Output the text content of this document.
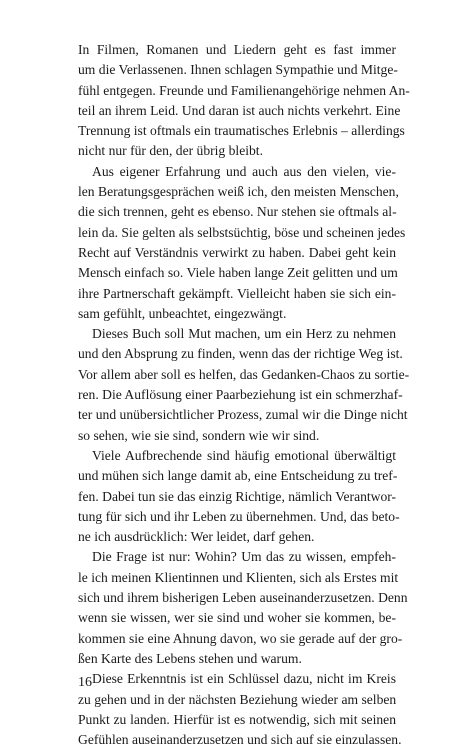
In Filmen, Romanen und Liedern geht es fast immer
um die Verlassenen. Ihnen schlagen Sympathie und Mitge-
fühl entgegen. Freunde und Familienangehörige nehmen An-
teil an ihrem Leid. Und daran ist auch nichts verkehrt. Eine
Trennung ist oftmals ein traumatisches Erlebnis – allerdings
nicht nur für den, der übrig bleibt.
Aus eigener Erfahrung und auch aus den vielen, vie-
len Beratungsgesprächen weiß ich, den meisten Menschen,
die sich trennen, geht es ebenso. Nur stehen sie oftmals al-
lein da. Sie gelten als selbstsüchtig, böse und scheinen jedes
Recht auf Verständnis verwirkt zu haben. Dabei geht kein
Mensch einfach so. Viele haben lange Zeit gelitten und um
ihre Partnerschaft gekämpft. Vielleicht haben sie sich ein-
sam gefühlt, unbeachtet, eingezwängt.
Dieses Buch soll Mut machen, um ein Herz zu nehmen
und den Absprung zu finden, wenn das der richtige Weg ist.
Vor allem aber soll es helfen, das Gedanken-Chaos zu sortie-
ren. Die Auflösung einer Paarbeziehung ist ein schmerzhaf-
ter und unübersichtlicher Prozess, zumal wir die Dinge nicht
so sehen, wie sie sind, sondern wie wir sind.
Viele Aufbrechende sind häufig emotional überwältigt
und mühen sich lange damit ab, eine Entscheidung zu tref-
fen. Dabei tun sie das einzig Richtige, nämlich Verantwor-
tung für sich und ihr Leben zu übernehmen. Und, das beto-
ne ich ausdrücklich: Wer leidet, darf gehen.
Die Frage ist nur: Wohin? Um das zu wissen, empfeh-
le ich meinen Klientinnen und Klienten, sich als Erstes mit
sich und ihrem bisherigen Leben auseinanderzusetzen. Denn
wenn sie wissen, wer sie sind und woher sie kommen, be-
kommen sie eine Ahnung davon, wo sie gerade auf der gro-
ßen Karte des Lebens stehen und warum.
Diese Erkenntnis ist ein Schlüssel dazu, nicht im Kreis
zu gehen und in der nächsten Beziehung wieder am selben
Punkt zu landen. Hierfür ist es notwendig, sich mit seinen
Gefühlen auseinanderzusetzen und sich auf sie einzulassen.
16
